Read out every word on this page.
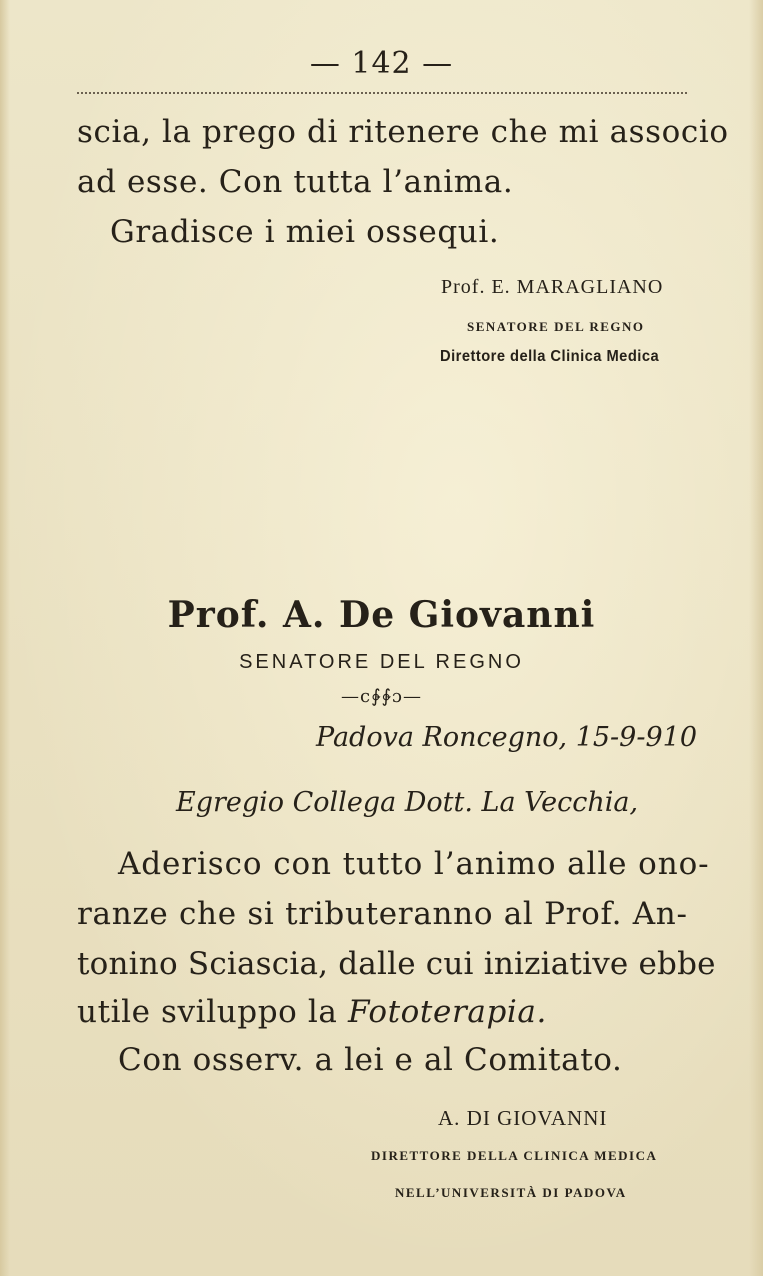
— 142 —
scia, la prego di ritenere che mi associo
ad esse. Con tutta l’anima.
Gradisce i miei ossequi.
Prof. E. MARAGLIANO
SENATORE DEL REGNO
Direttore della Clinica Medica
Prof. A. De Giovanni
SENATORE DEL REGNO
—c∲∲ɔ—
Padova Roncegno, 15-9-910
Egregio Collega Dott. La Vecchia,
Aderisco con tutto l’animo alle ono-
ranze che si tributeranno al Prof. An-
tonino Sciascia, dalle cui iniziative ebbe
utile sviluppo la Fototerapia.
Con osserv. a lei e al Comitato.
A. DI GIOVANNI
DIRETTORE DELLA CLINICA MEDICA
NELL’UNIVERSITÀ DI PADOVA
